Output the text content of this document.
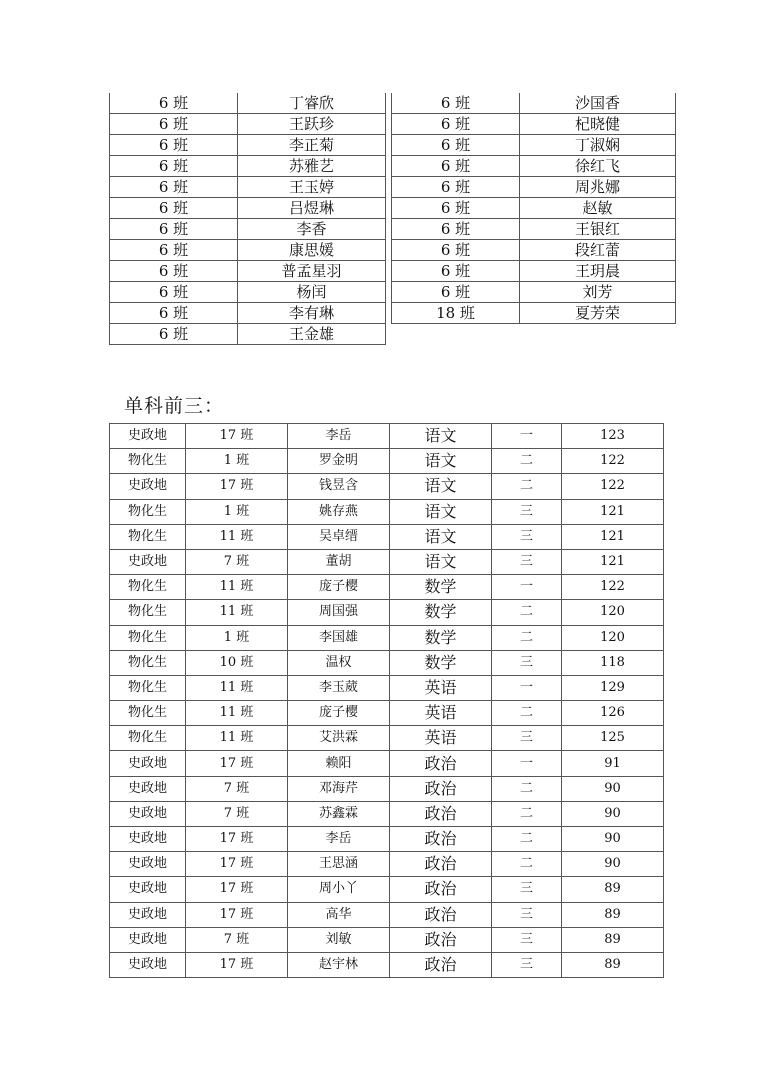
6 班	丁睿欣
6 班	王跃珍
6 班	李正菊
6 班	苏雅艺
6 班	王玉婷
6 班	吕煜琳
6 班	李香
6 班	康思媛
6 班	普孟星羽
6 班	杨闰
6 班	李有琳
6 班	王金雄
6 班	沙国香
6 班	杞晓健
6 班	丁淑娴
6 班	徐红飞
6 班	周兆娜
6 班	赵敏
6 班	王银红
6 班	段红蕾
6 班	王玥晨
6 班	刘芳
18 班	夏芳荣
单科前三：
史政地	17 班	李岳	语文	一	123
物化生	1 班	罗金明	语文	二	122
史政地	17 班	钱昱含	语文	二	122
物化生	1 班	姚存燕	语文	三	121
物化生	11 班	吴卓缙	语文	三	121
史政地	7 班	董胡	语文	三	121
物化生	11 班	庞子樱	数学	一	122
物化生	11 班	周国强	数学	二	120
物化生	1 班	李国雄	数学	二	120
物化生	10 班	温权	数学	三	118
物化生	11 班	李玉葳	英语	一	129
物化生	11 班	庞子樱	英语	二	126
物化生	11 班	艾洪霖	英语	三	125
史政地	17 班	赖阳	政治	一	91
史政地	7 班	邓海芹	政治	二	90
史政地	7 班	苏鑫霖	政治	二	90
史政地	17 班	李岳	政治	二	90
史政地	17 班	王思涵	政治	二	90
史政地	17 班	周小丫	政治	三	89
史政地	17 班	高华	政治	三	89
史政地	7 班	刘敏	政治	三	89
史政地	17 班	赵宇林	政治	三	89
